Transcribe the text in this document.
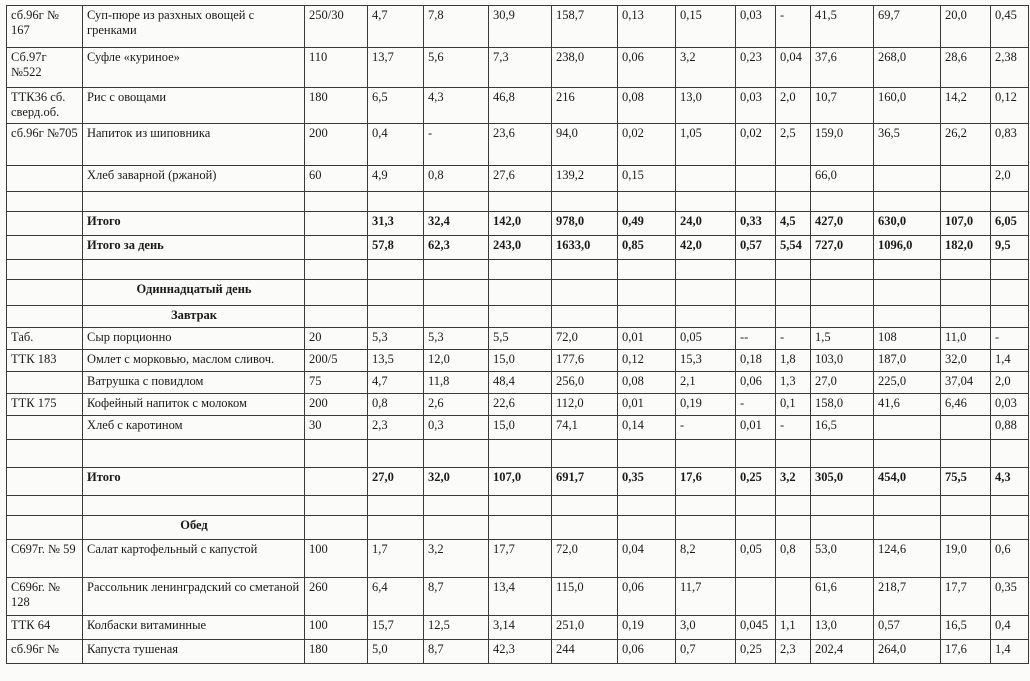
сб.96г № 167	Суп-пюре из разхных овощей с гренками	250/30	4,7	7,8	30,9	158,7	0,13	0,15	0,03	-	41,5	69,7	20,0	0,45
Сб.97г №522	Суфле «куриное»	110	13,7	5,6	7,3	238,0	0,06	3,2	0,23	0,04	37,6	268,0	28,6	2,38
ТТК36 сб. сверд.об.	Рис с овощами	180	6,5	4,3	46,8	216	0,08	13,0	0,03	2,0	10,7	160,0	14,2	0,12
сб.96г №705	Напиток из шиповника	200	0,4	-	23,6	94,0	0,02	1,05	0,02	2,5	159,0	36,5	26,2	0,83
	Хлеб заварной (ржаной)	60	4,9	0,8	27,6	139,2	0,15				66,0			2,0

	Итого		31,3	32,4	142,0	978,0	0,49	24,0	0,33	4,5	427,0	630,0	107,0	6,05
	Итого за день		57,8	62,3	243,0	1633,0	0,85	42,0	0,57	5,54	727,0	1096,0	182,0	9,5

	Одиннадцатый день													
	Завтрак													
Таб.	Сыр порционно	20	5,3	5,3	5,5	72,0	0,01	0,05	--	-	1,5	108	11,0	-
ТТК 183	Омлет с морковью, маслом сливоч.	200/5	13,5	12,0	15,0	177,6	0,12	15,3	0,18	1,8	103,0	187,0	32,0	1,4
	Ватрушка с повидлом	75	4,7	11,8	48,4	256,0	0,08	2,1	0,06	1,3	27,0	225,0	37,04	2,0
ТТК 175	Кофейный напиток с молоком	200	0,8	2,6	22,6	112,0	0,01	0,19	-	0,1	158,0	41,6	6,46	0,03
	Хлеб с каротином	30	2,3	0,3	15,0	74,1	0,14	-	0,01	-	16,5			0,88

	Итого		27,0	32,0	107,0	691,7	0,35	17,6	0,25	3,2	305,0	454,0	75,5	4,3

	Обед													
С697г. № 59	Салат картофельный с капустой	100	1,7	3,2	17,7	72,0	0,04	8,2	0,05	0,8	53,0	124,6	19,0	0,6
С696г. № 128	Рассольник ленинградский со сметаной	260	6,4	8,7	13,4	115,0	0,06	11,7			61,6	218,7	17,7	0,35
ТТК 64	Колбаски витаминные	100	15,7	12,5	3,14	251,0	0,19	3,0	0,045	1,1	13,0	0,57	16,5	0,4
сб.96г №	Капуста тушеная	180	5,0	8,7	42,3	244	0,06	0,7	0,25	2,3	202,4	264,0	17,6	1,4
